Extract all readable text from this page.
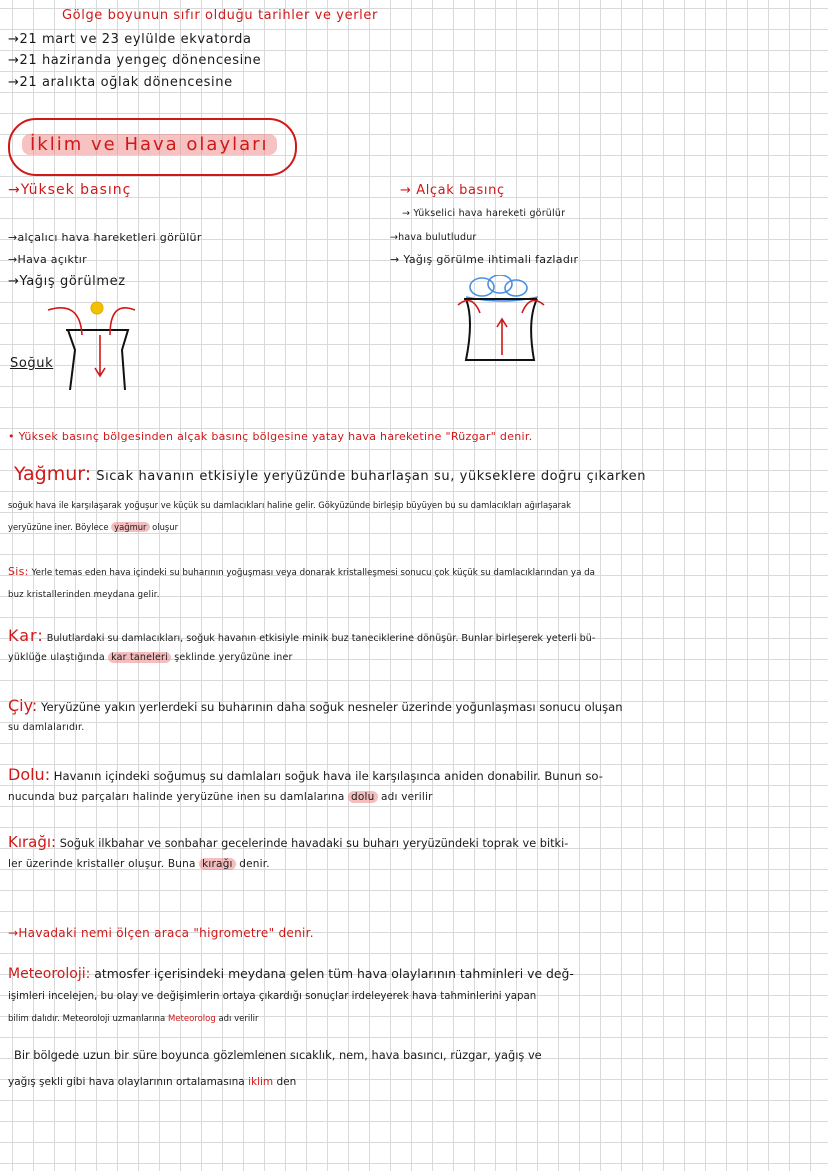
Gölge boyunun sıfır olduğu tarihler ve yerler
→21 mart ve 23 eylülde ekvatorda
→21 haziranda yengeç dönencesine
→21 aralıkta oğlak dönencesine
İklim ve Hava olayları
→Yüksek basınç
→alçalıcı hava hareketleri görülür
→Hava açıktır
→Yağış görülmez
→ Alçak basınç
→ Yükselici hava hareketi görülür
→hava bulutludur
→ Yağış görülme ihtimali fazladır
Soğuk
• Yüksek basınç bölgesinden alçak basınç bölgesine yatay hava hareketine "Rüzgar" denir.
Yağmur: Sıcak havanın etkisiyle yeryüzünde buharlaşan su, yükseklere doğru çıkarken
soğuk hava ile karşılaşarak yoğuşur ve küçük su damlacıkları haline gelir. Gökyüzünde birleşip büyüyen bu su damlacıkları ağırlaşarak
yeryüzüne iner. Böylece yağmur oluşur
Sis: Yerle temas eden hava içindeki su buharının yoğuşması veya donarak kristalleşmesi sonucu çok küçük su damlacıklarından ya da
buz kristallerinden meydana gelir.
Kar: Bulutlardaki su damlacıkları, soğuk havanın etkisiyle minik buz taneciklerine dönüşür. Bunlar birleşerek yeterli bü-
yüklüğe ulaştığında kar taneleri şeklinde yeryüzüne iner
Çiy: Yeryüzüne yakın yerlerdeki su buharının daha soğuk nesneler üzerinde yoğunlaşması sonucu oluşan
su damlalarıdır.
Dolu: Havanın içindeki soğumuş su damlaları soğuk hava ile karşılaşınca aniden donabilir. Bunun so-
nucunda buz parçaları halinde yeryüzüne inen su damlalarına dolu adı verilir
Kırağı: Soğuk ilkbahar ve sonbahar gecelerinde havadaki su buharı yeryüzündeki toprak ve bitki-
ler üzerinde kristaller oluşur. Buna kırağı denir.
→Havadaki nemi ölçen araca "higrometre" denir.
Meteoroloji: atmosfer içerisindeki meydana gelen tüm hava olaylarının tahminleri ve değ-
işimleri incelejen, bu olay ve değişimlerin ortaya çıkardığı sonuçlar irdeleyerek hava tahminlerini yapan
bilim dalıdır. Meteoroloji uzmanlarına Meteorolog adı verilir
Bir bölgede uzun bir süre boyunca gözlemlenen sıcaklık, nem, hava basıncı, rüzgar, yağış ve
yağış şekli gibi hava olaylarının ortalamasına iklim den
